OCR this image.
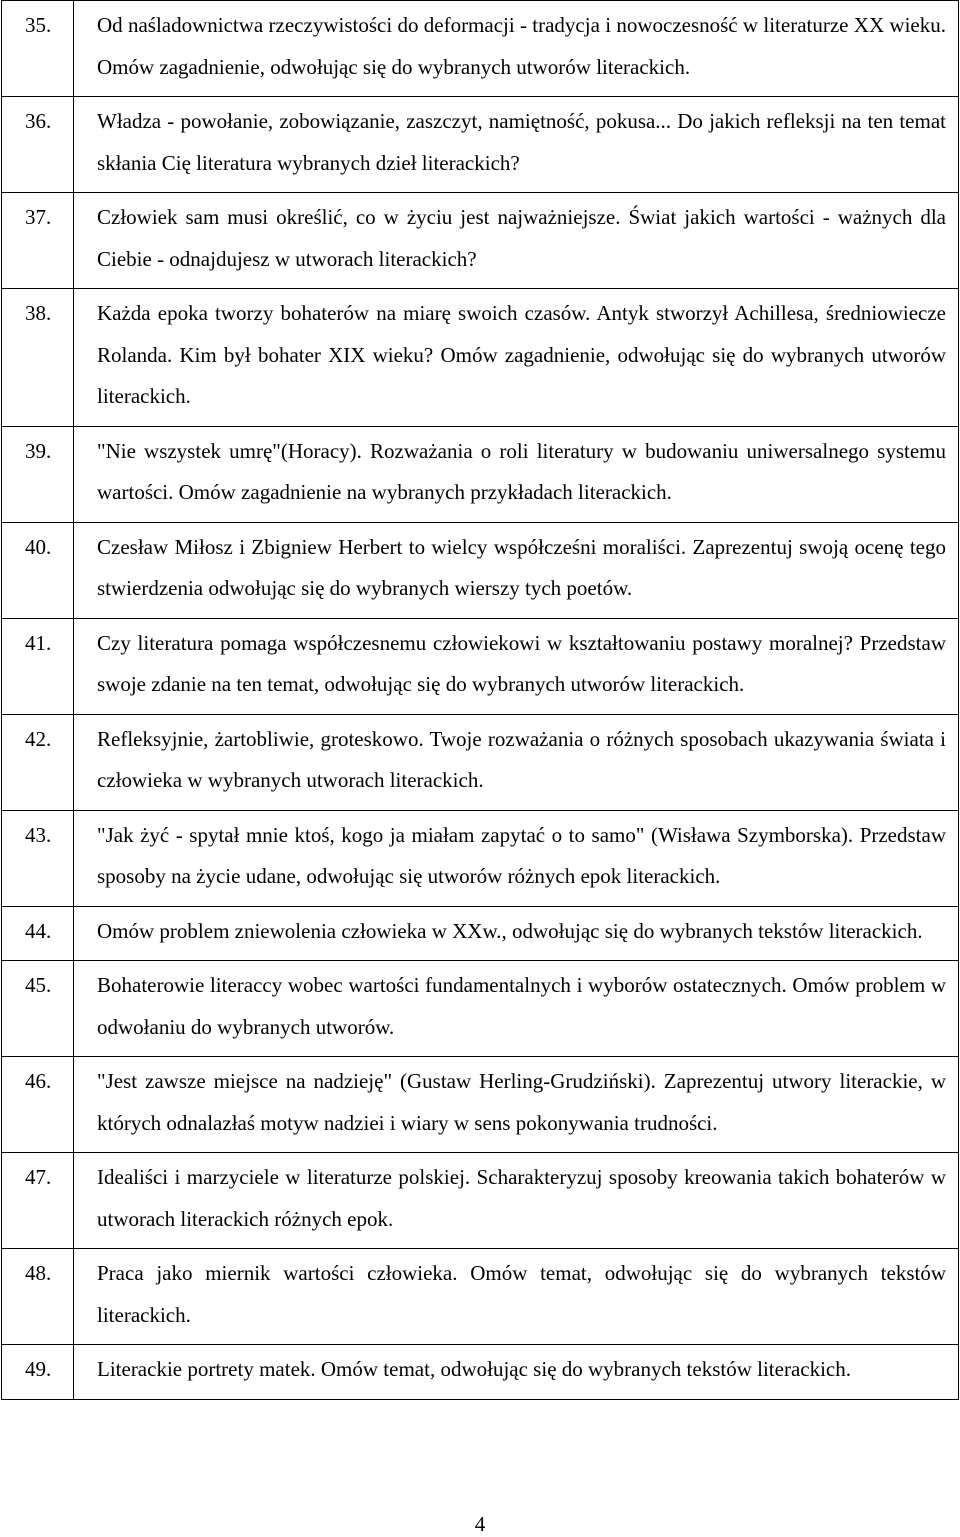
35.	Od naśladownictwa rzeczywistości do deformacji - tradycja i nowoczesność w literaturze XX wieku. Omów zagadnienie, odwołując się do wybranych utworów literackich.
36.	Władza - powołanie, zobowiązanie, zaszczyt, namiętność, pokusa... Do jakich refleksji na ten temat skłania Cię literatura wybranych dzieł literackich?
37.	Człowiek sam musi określić, co w życiu jest najważniejsze. Świat jakich wartości - ważnych dla Ciebie - odnajdujesz w utworach literackich?
38.	Każda epoka tworzy bohaterów na miarę swoich czasów. Antyk stworzył Achillesa, średniowiecze Rolanda. Kim był bohater XIX wieku? Omów zagadnienie, odwołując się do wybranych utworów literackich.
39.	"Nie wszystek umrę"(Horacy). Rozważania o roli literatury w budowaniu uniwersalnego systemu wartości. Omów zagadnienie na wybranych przykładach literackich.
40.	Czesław Miłosz i Zbigniew Herbert to wielcy współcześni moraliści. Zaprezentuj swoją ocenę tego stwierdzenia odwołując się do wybranych wierszy tych poetów.
41.	Czy literatura pomaga współczesnemu człowiekowi w kształtowaniu postawy moralnej? Przedstaw swoje zdanie na ten temat, odwołując się do wybranych utworów literackich.
42.	Refleksyjnie, żartobliwie, groteskowo. Twoje rozważania o różnych sposobach ukazywania świata i człowieka w wybranych utworach literackich.
43.	"Jak żyć - spytał mnie ktoś, kogo ja miałam zapytać o to samo" (Wisława Szymborska). Przedstaw sposoby na życie udane, odwołując się utworów różnych epok literackich.
44.	Omów problem zniewolenia człowieka w XXw., odwołując się do wybranych tekstów literackich.
45.	Bohaterowie literaccy wobec wartości fundamentalnych i wyborów ostatecznych. Omów problem w odwołaniu do wybranych utworów.
46.	"Jest zawsze miejsce na nadzieję" (Gustaw Herling-Grudziński). Zaprezentuj utwory literackie, w których odnalazłaś motyw nadziei i wiary w sens pokonywania trudności.
47.	Idealiści i marzyciele w literaturze polskiej. Scharakteryzuj sposoby kreowania takich bohaterów w utworach literackich różnych epok.
48.	Praca jako miernik wartości człowieka. Omów temat, odwołując się do wybranych tekstów literackich.
49.	Literackie portrety matek. Omów temat, odwołując się do wybranych tekstów literackich.
4
